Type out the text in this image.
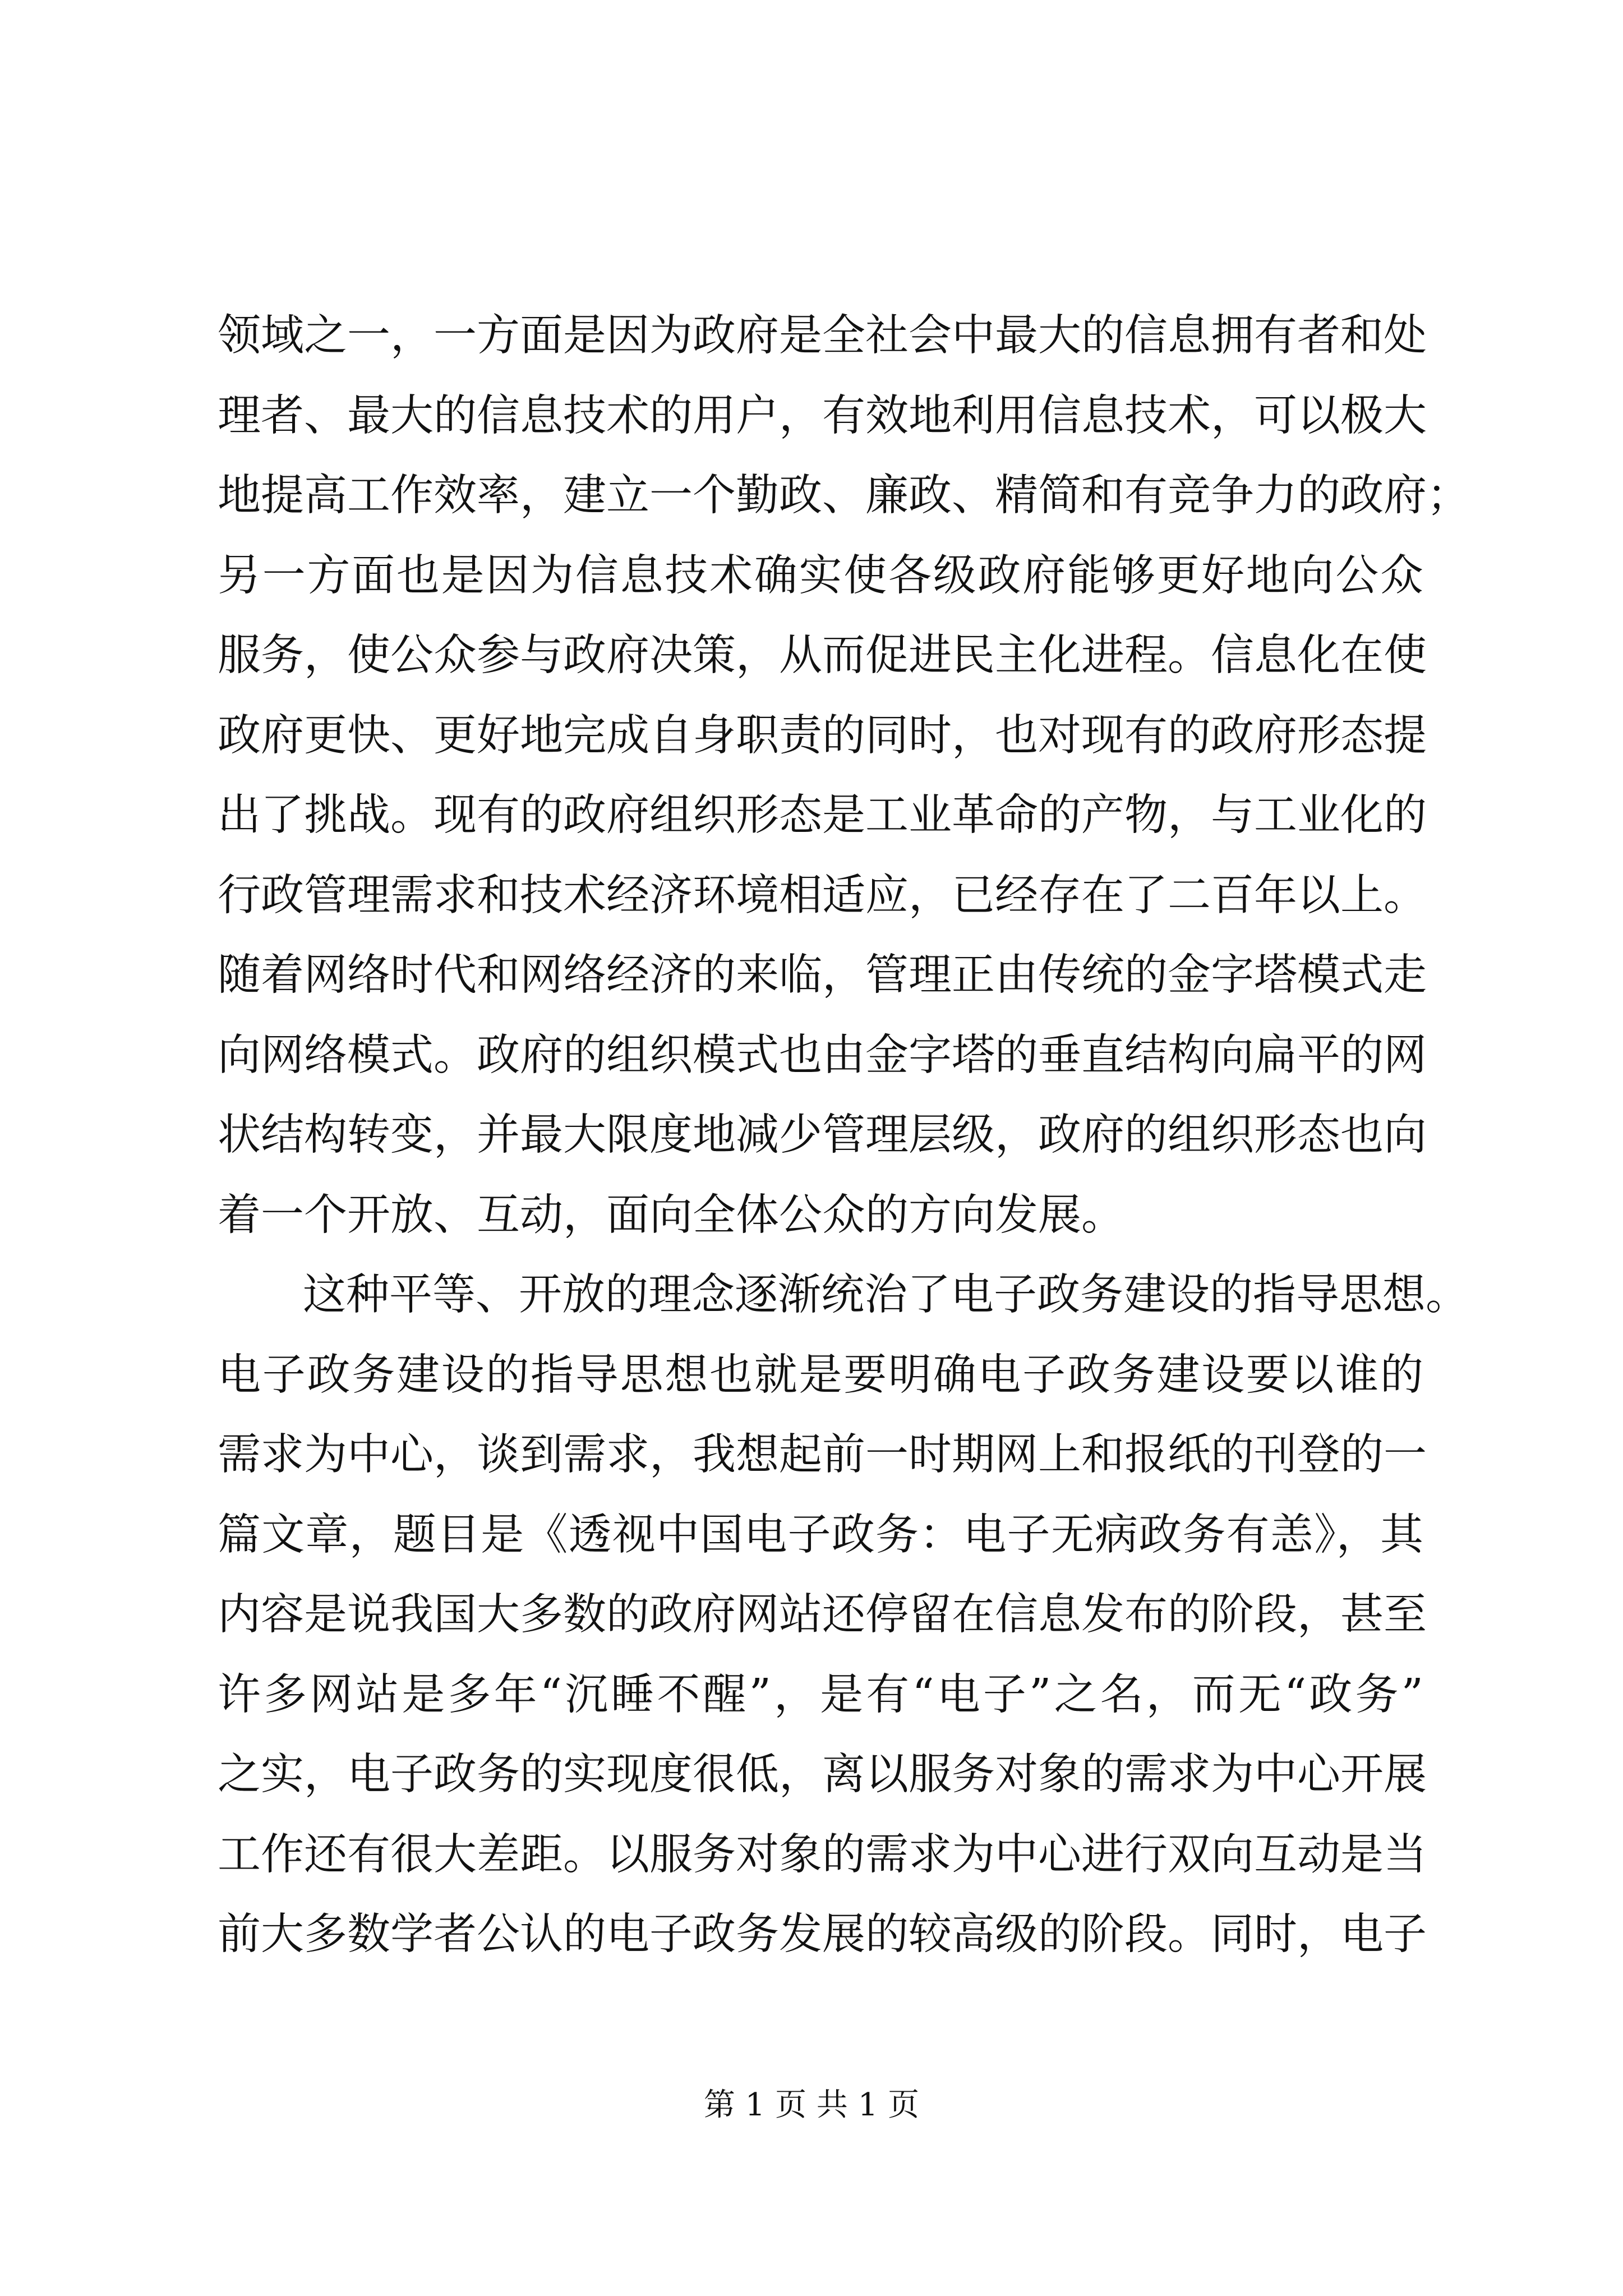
领域之一，一方面是因为政府是全社会中最大的信息拥有者和处
理者、最大的信息技术的用户，有效地利用信息技术，可以极大
地提高工作效率，建立一个勤政、廉政、精简和有竞争力的政府；
另一方面也是因为信息技术确实使各级政府能够更好地向公众
服务，使公众参与政府决策，从而促进民主化进程。信息化在使
政府更快、更好地完成自身职责的同时，也对现有的政府形态提
出了挑战。现有的政府组织形态是工业革命的产物，与工业化的
行政管理需求和技术经济环境相适应，已经存在了二百年以上。
随着网络时代和网络经济的来临，管理正由传统的金字塔模式走
向网络模式。政府的组织模式也由金字塔的垂直结构向扁平的网
状结构转变，并最大限度地减少管理层级，政府的组织形态也向
着一个开放、互动，面向全体公众的方向发展。
这种平等、开放的理念逐渐统治了电子政务建设的指导思想。
电子政务建设的指导思想也就是要明确电子政务建设要以谁的
需求为中心，谈到需求，我想起前一时期网上和报纸的刊登的一
篇文章，题目是《透视中国电子政务：电子无病政务有恙》，其
内容是说我国大多数的政府网站还停留在信息发布的阶段，甚至
许多网站是多年“沉睡不醒”，是有“电子”之名，而无“政务”
之实，电子政务的实现度很低，离以服务对象的需求为中心开展
工作还有很大差距。以服务对象的需求为中心进行双向互动是当
前大多数学者公认的电子政务发展的较高级的阶段。同时，电子
第 1 页 共 1 页
